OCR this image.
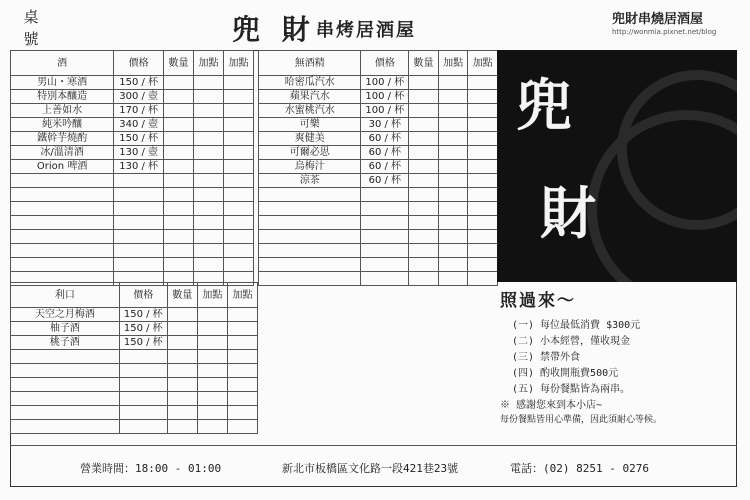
桌號	兜 財 串烤居酒屋
兜財串燒居酒屋
http://wonmia.pixnet.net/blog
酒	價格	數量	加點	加點
男山・寒酒	150 / 杯			
特別本釀造	300 / 壺			
上善如水	170 / 杯			
純米吟釀	340 / 壺			
鐵幹芋燒酌	150 / 杯			
冰/溫清酒	130 / 壺			
Orion 啤酒	130 / 杯			

無酒精	價格	數量	加點	加點
哈密瓜汽水	100 / 杯			
蘋果汽水	100 / 杯			
水蜜桃汽水	100 / 杯			
可樂	30 / 杯			
爽健美	60 / 杯			
可爾必思	60 / 杯			
烏梅汁	60 / 杯			
涼茶	60 / 杯			

利口	價格	數量	加點	加點
天空之月梅酒	150 / 杯			
柚子酒	150 / 杯			
桃子酒	150 / 杯			

兜
財
照過來～
(一) 每位最低消費 $300元
(二) 小本經營，僅收現金
(三) 禁帶外食
(四) 酌收開瓶費500元
(五) 每份餐點皆為兩串。
※ 感謝您來到本小店~
每份餐點皆用心準備，因此須耐心等候。
營業時間：18:00 - 01:00	新北市板橋區文化路一段421巷23號	電話：(02) 8251 - 0276
